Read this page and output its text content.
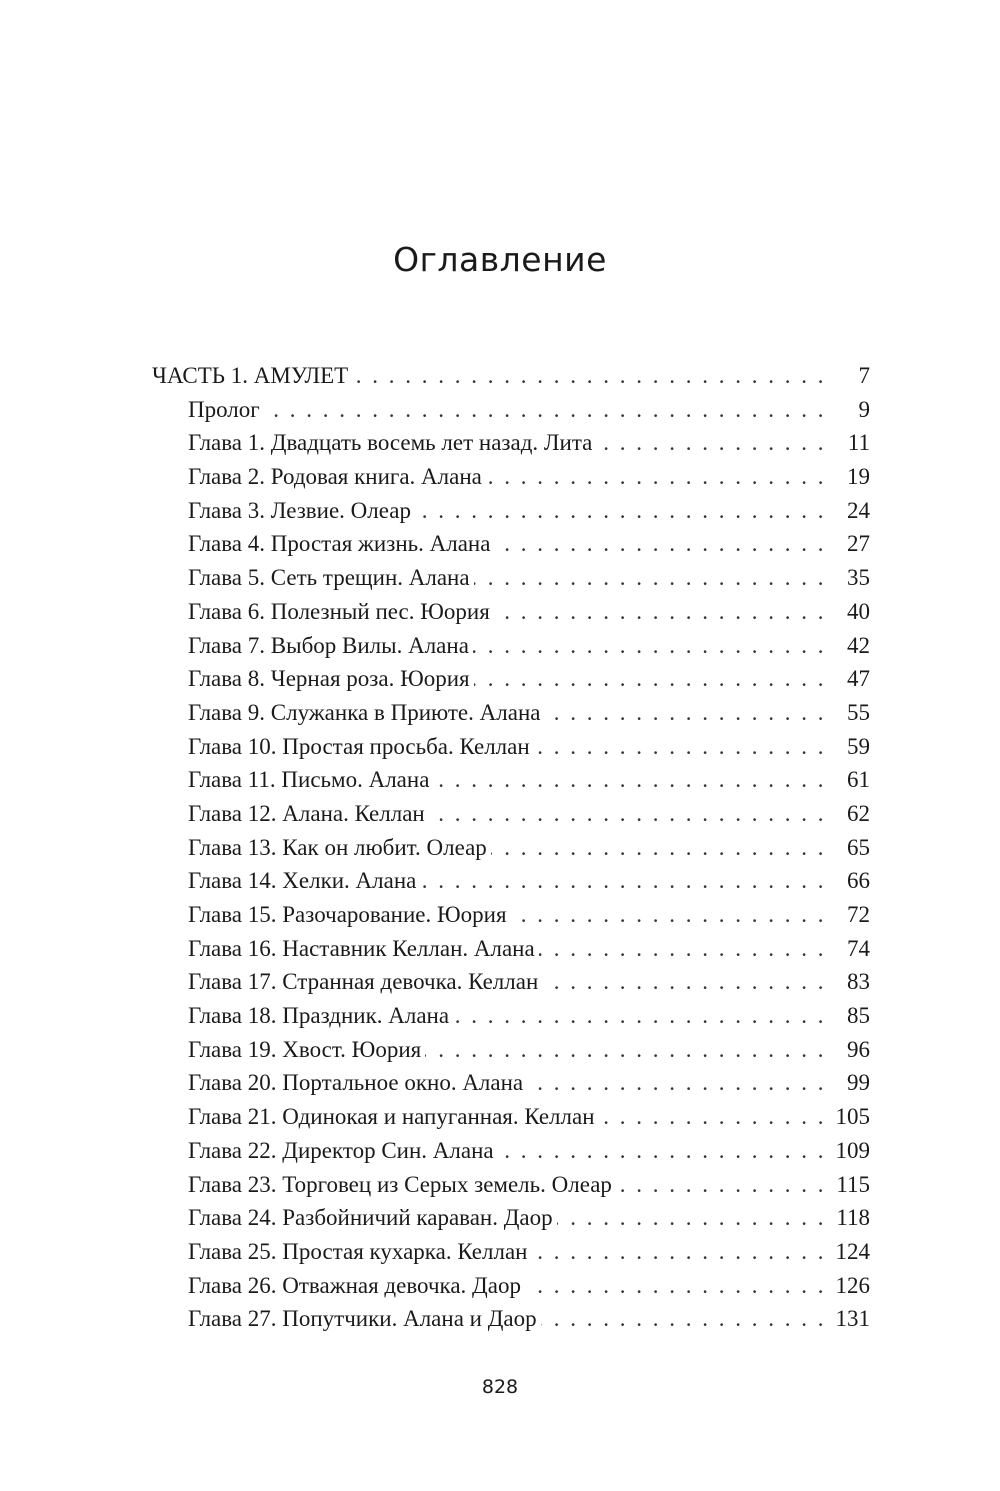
Оглавление
ЧАСТЬ 1. АМУЛЕТ . . .	7
Пролог . . .	9
Глава 1. Двадцать восемь лет назад. Лита . . .	11
Глава 2. Родовая книга. Алана . . .	19
Глава 3. Лезвие. Олеар . . .	24
Глава 4. Простая жизнь. Алана . . .	27
Глава 5. Сеть трещин. Алана . . .	35
Глава 6. Полезный пес. Юория . . .	40
Глава 7. Выбор Вилы. Алана . . .	42
Глава 8. Черная роза. Юория . . .	47
Глава 9. Служанка в Приюте. Алана . . .	55
Глава 10. Простая просьба. Келлан . . .	59
Глава 11. Письмо. Алана . . .	61
Глава 12. Алана. Келлан . . .	62
Глава 13. Как он любит. Олеар . . .	65
Глава 14. Хелки. Алана . . .	66
Глава 15. Разочарование. Юория . . .	72
Глава 16. Наставник Келлан. Алана . . .	74
Глава 17. Странная девочка. Келлан . . .	83
Глава 18. Праздник. Алана . . .	85
Глава 19. Хвост. Юория . . .	96
Глава 20. Портальное окно. Алана . . .	99
Глава 21. Одинокая и напуганная. Келлан . . .	105
Глава 22. Директор Син. Алана . . .	109
Глава 23. Торговец из Серых земель. Олеар . . .	115
Глава 24. Разбойничий караван. Даор . . .	118
Глава 25. Простая кухарка. Келлан . . .	124
Глава 26. Отважная девочка. Даор . . .	126
Глава 27. Попутчики. Алана и Даор . . .	131
828
